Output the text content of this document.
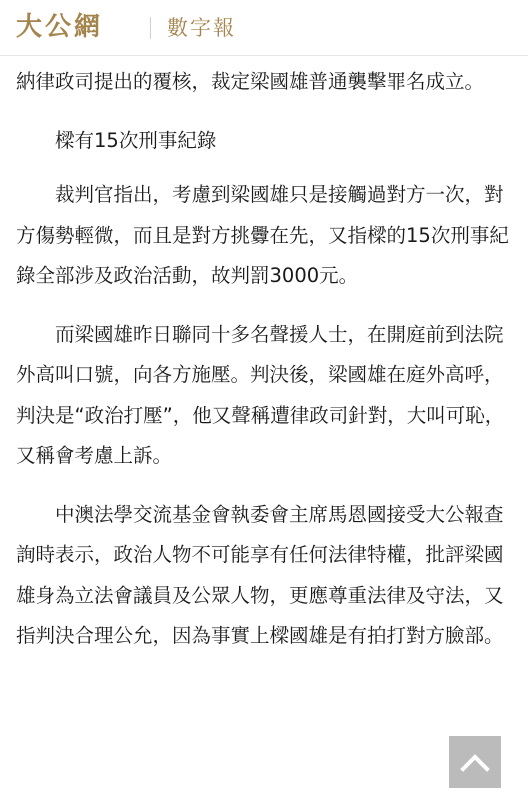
大公網	數字報

納律政司提出的覆核，裁定梁國雄普通襲擊罪名成立。

樑有15次刑事紀錄

裁判官指出，考慮到梁國雄只是接觸過對方一次，對方傷勢輕微，而且是對方挑釁在先，又指樑的15次刑事紀錄全部涉及政治活動，故判罰3000元。

而梁國雄昨日聯同十多名聲援人士，在開庭前到法院外高叫口號，向各方施壓。判決後，梁國雄在庭外高呼，判決是“政治打壓”，他又聲稱遭律政司針對，大叫可恥，又稱會考慮上訴。

中澳法學交流基金會執委會主席馬恩國接受大公報查詢時表示，政治人物不可能享有任何法律特權，批評梁國雄身為立法會議員及公眾人物，更應尊重法律及守法，又指判決合理公允，因為事實上樑國雄是有拍打對方臉部。
